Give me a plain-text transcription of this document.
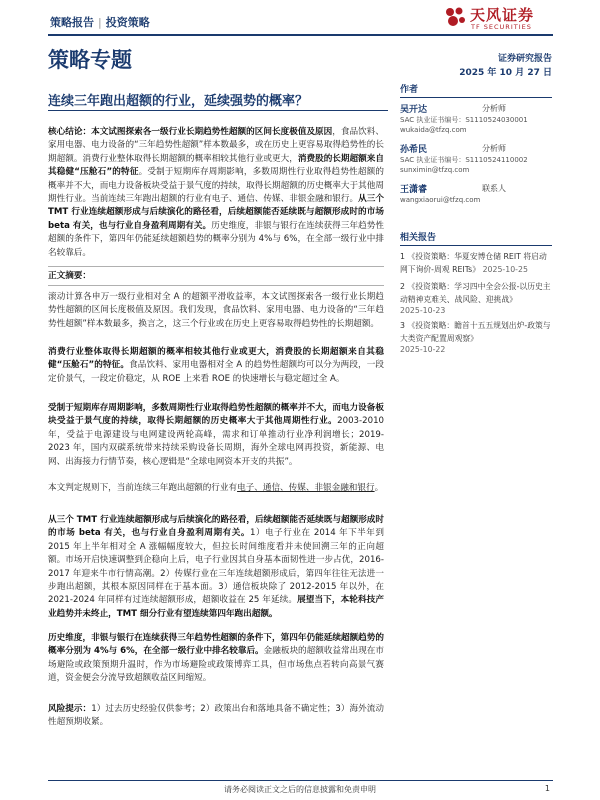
策略报告 | 投资策略	天风证券
TF SECURITIES
策略专题	证券研究报告
2025 年 10 月 27 日
连续三年跑出超额的行业，延续强势的概率？

核心结论：本文试图探索各一级行业长期趋势性超额的区间长度极值及原因，食品饮料、家用电器、电力设备的“三年趋势性超额”样本数最多，或在历史上更容易取得趋势性的长期超额。消费行业整体取得长期超额的概率相较其他行业或更大，消费股的长期超额来自其稳健“压舱石”的特征。受制于短期库存周期影响，多数周期性行业取得趋势性超额的概率并不大，而电力设备板块受益于景气度的持续，取得长期超额的历史概率大于其他周期性行业。当前连续三年跑出超额的行业有电子、通信、传媒、非银金融和银行。从三个 TMT 行业连续超额形成与后续演化的路径看，后续超额能否延续既与超额形成时的市场 beta 有关，也与行业自身盈利周期有关。历史维度，非银与银行在连续获得三年趋势性超额的条件下，第四年仍能延续超额趋势的概率分别为 4%与 6%，在全部一级行业中排名较靠后。

正文摘要：

滚动计算各申万一级行业相对全 A 的超额平滑收益率，本文试图探索各一级行业长期趋势性超额的区间长度极值及原因。我们发现，食品饮料、家用电器、电力设备的“三年趋势性超额”样本数最多，换言之，这三个行业或在历史上更容易取得趋势性的长期超额。

消费行业整体取得长期超额的概率相较其他行业或更大，消费股的长期超额来自其稳健“压舱石”的特征。食品饮料、家用电器相对全 A 的趋势性超额均可以分为两段，一段定价景气，一段定价稳定，从 ROE 上来看 ROE 的快速增长与稳定超过全 A。

受制于短期库存周期影响，多数周期性行业取得趋势性超额的概率并不大，而电力设备板块受益于景气度的持续，取得长期超额的历史概率大于其他周期性行业。2003-2010 年，受益于电源建设与电网建设两轮高峰，需求和订单推动行业净利润增长；2019-2023 年，国内双碳系统带来持续采购设备长周期，海外全球电网再投资，新能源、电网、出海接力行情节奏，核心逻辑是“全球电网资本开支的共振”。

本文判定规则下，当前连续三年跑出超额的行业有电子、通信、传媒、非银金融和银行。

从三个 TMT 行业连续超额形成与后续演化的路径看，后续超额能否延续既与超额形成时的市场 beta 有关，也与行业自身盈利周期有关。1）电子行业在 2014 年下半年到 2015 年上半年相对全 A 涨幅幅度较大，但拉长时间维度看并未使回溯三年的正向超额。市场开启快速调整到企稳向上后，电子行业因其自身基本面韧性进一步占优，2016-2017 年迎来牛市行情高潮。2）传媒行业在三年连续超额形成后，第四年往往无法进一步跑出超额，其根本原因同样在于基本面。3）通信板块除了 2012-2015 年以外，在 2021-2024 年同样有过连续超额形成，超额收益在 25 年延续。展望当下，本轮科技产业趋势并未终止，TMT 细分行业有望连续第四年跑出超额。

历史维度，非银与银行在连续获得三年趋势性超额的条件下，第四年仍能延续超额趋势的概率分别为 4%与 6%，在全部一级行业中排名较靠后。金融板块的超额收益常出现在市场避险或政策预期升温时，作为市场避险或政策博弈工具，但市场焦点若转向高景气赛道，资金便会分流导致超额收益区间缩短。

风险提示：1）过去历史经验仅供参考；2）政策出台和落地具备不确定性；3）海外流动性超预期收紧。

作者
吴开达	分析师
SAC 执业证书编号：S1110524030001
wukaida@tfzq.com
孙希民	分析师
SAC 执业证书编号：S1110524110002
sunximin@tfzq.com
王潇睿	联系人
wangxiaorui@tfzq.com
相关报告
1 《投资策略：华夏安博仓储 REIT 将启动网下询价-周观 REITs》 2025-10-25
2 《投资策略：学习四中全会公报-以历史主动精神克难关、战风险、迎挑战》
2025-10-23
3 《投资策略：瞻首十五五规划出炉-政策与大类资产配置周观察》
2025-10-22
请务必阅读正文之后的信息披露和免责申明	1
